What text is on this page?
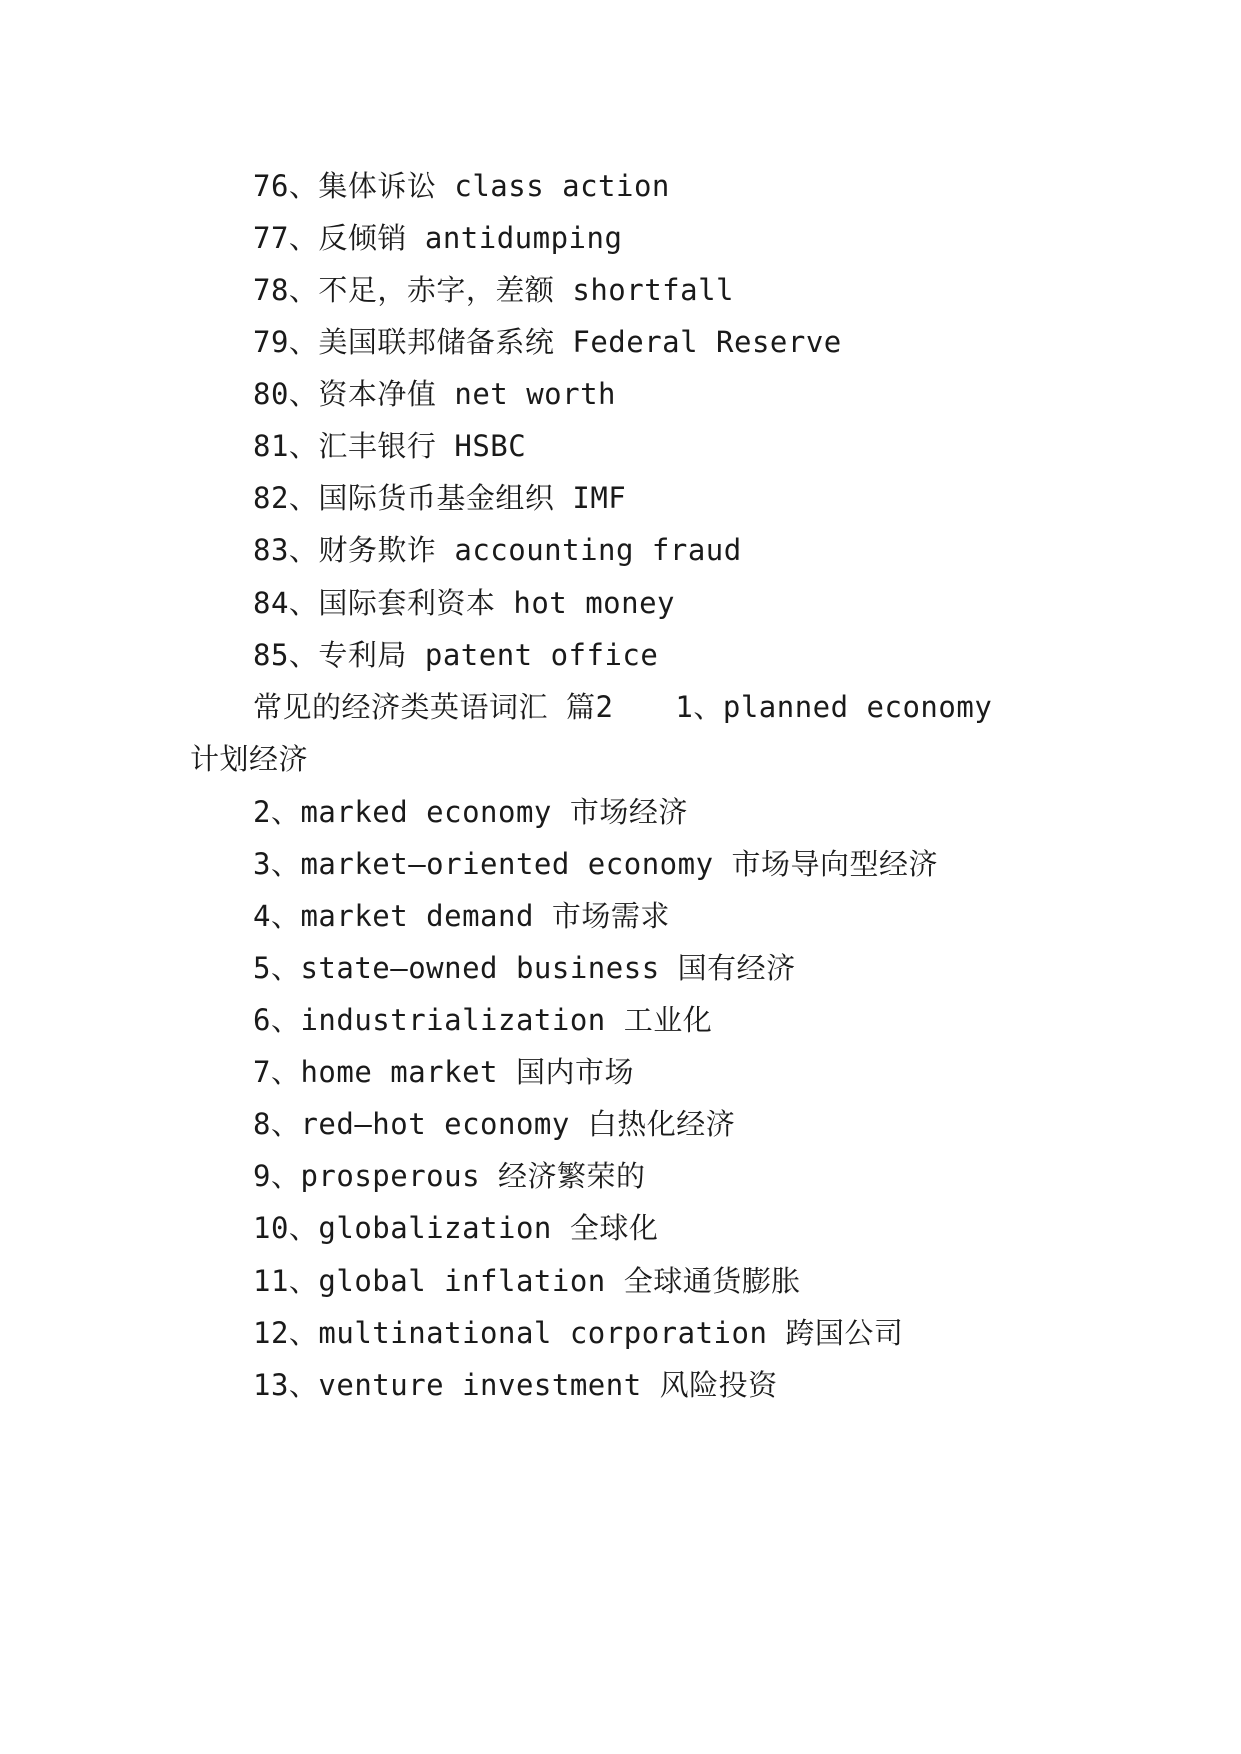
76、集体诉讼 class action
77、反倾销 antidumping
78、不足，赤字，差额 shortfall
79、美国联邦储备系统 Federal Reserve
80、资本净值 net worth
81、汇丰银行 HSBC
82、国际货币基金组织 IMF
83、财务欺诈 accounting fraud
84、国际套利资本 hot money
85、专利局 patent office
常见的经济类英语词汇 篇2 1、planned economy
计划经济
2、marked economy 市场经济
3、market—oriented economy 市场导向型经济
4、market demand 市场需求
5、state—owned business 国有经济
6、industrialization 工业化
7、home market 国内市场
8、red—hot economy 白热化经济
9、prosperous 经济繁荣的
10、globalization 全球化
11、global inflation 全球通货膨胀
12、multinational corporation 跨国公司
13、venture investment 风险投资
